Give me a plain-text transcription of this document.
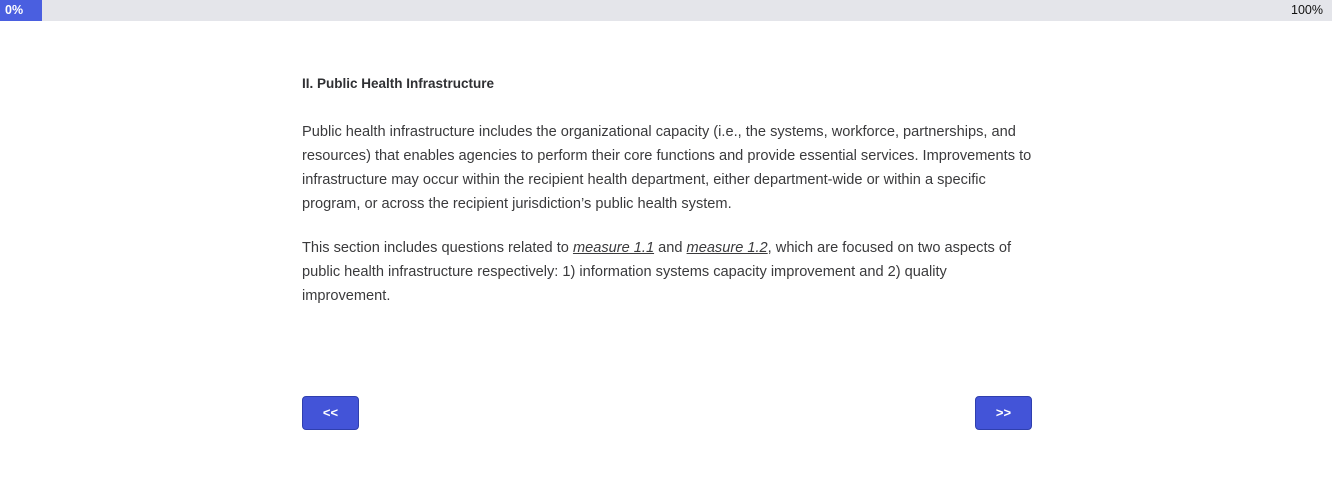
0%	100%
II. Public Health Infrastructure

Public health infrastructure includes the organizational capacity (i.e., the systems, workforce, partnerships, and resources) that enables agencies to perform their core functions and provide essential services. Improvements to infrastructure may occur within the recipient health department, either department-wide or within a specific program, or across the recipient jurisdiction’s public health system.

This section includes questions related to measure 1.1 and measure 1.2, which are focused on two aspects of public health infrastructure respectively: 1) information systems capacity improvement and 2) quality improvement.

<<	>>
